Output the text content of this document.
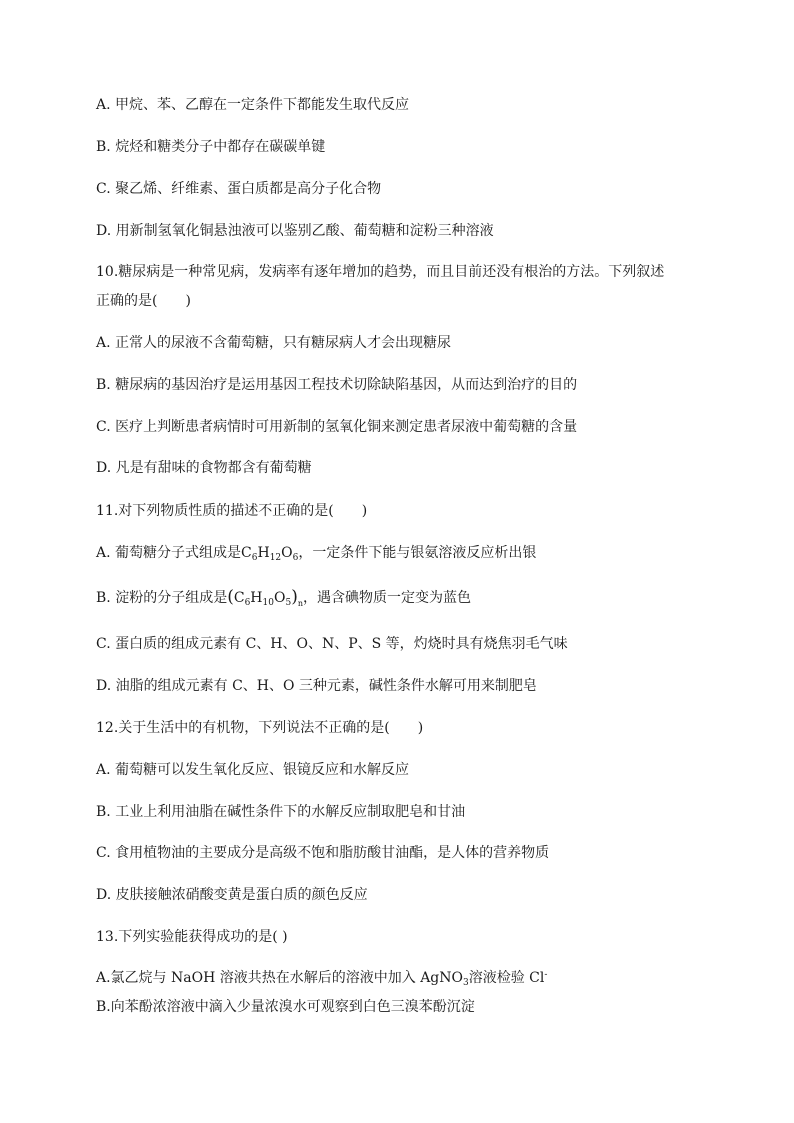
A. 甲烷、苯、乙醇在一定条件下都能发生取代反应
B. 烷烃和糖类分子中都存在碳碳单键
C. 聚乙烯、纤维素、蛋白质都是高分子化合物
D. 用新制氢氧化铜悬浊液可以鉴别乙酸、葡萄糖和淀粉三种溶液
10.糖尿病是一种常见病，发病率有逐年增加的趋势，而且目前还没有根治的方法。下列叙述
正确的是(　　)
A. 正常人的尿液不含葡萄糖，只有糖尿病人才会出现糖尿
B. 糖尿病的基因治疗是运用基因工程技术切除缺陷基因，从而达到治疗的目的
C. 医疗上判断患者病情时可用新制的氢氧化铜来测定患者尿液中葡萄糖的含量
D. 凡是有甜味的食物都含有葡萄糖
11.对下列物质性质的描述不正确的是(　　)
A. 葡萄糖分子式组成是$C_6H_{12}O_6$，一定条件下能与银氨溶液反应析出银
B. 淀粉的分子组成是$(C_6H_{10}O_5)_n$，遇含碘物质一定变为蓝色
C. 蛋白质的组成元素有 C、H、O、N、P、S 等，灼烧时具有烧焦羽毛气味
D. 油脂的组成元素有 C、H、O 三种元素，碱性条件水解可用来制肥皂
12.关于生活中的有机物，下列说法不正确的是(　　)
A. 葡萄糖可以发生氧化反应、银镜反应和水解反应
B. 工业上利用油脂在碱性条件下的水解反应制取肥皂和甘油
C. 食用植物油的主要成分是高级不饱和脂肪酸甘油酯，是人体的营养物质
D. 皮肤接触浓硝酸变黄是蛋白质的颜色反应
13.下列实验能获得成功的是( )
A.氯乙烷与 NaOH 溶液共热在水解后的溶液中加入 AgNO$_3$溶液检验 Cl-
B.向苯酚浓溶液中滴入少量浓溴水可观察到白色三溴苯酚沉淀
